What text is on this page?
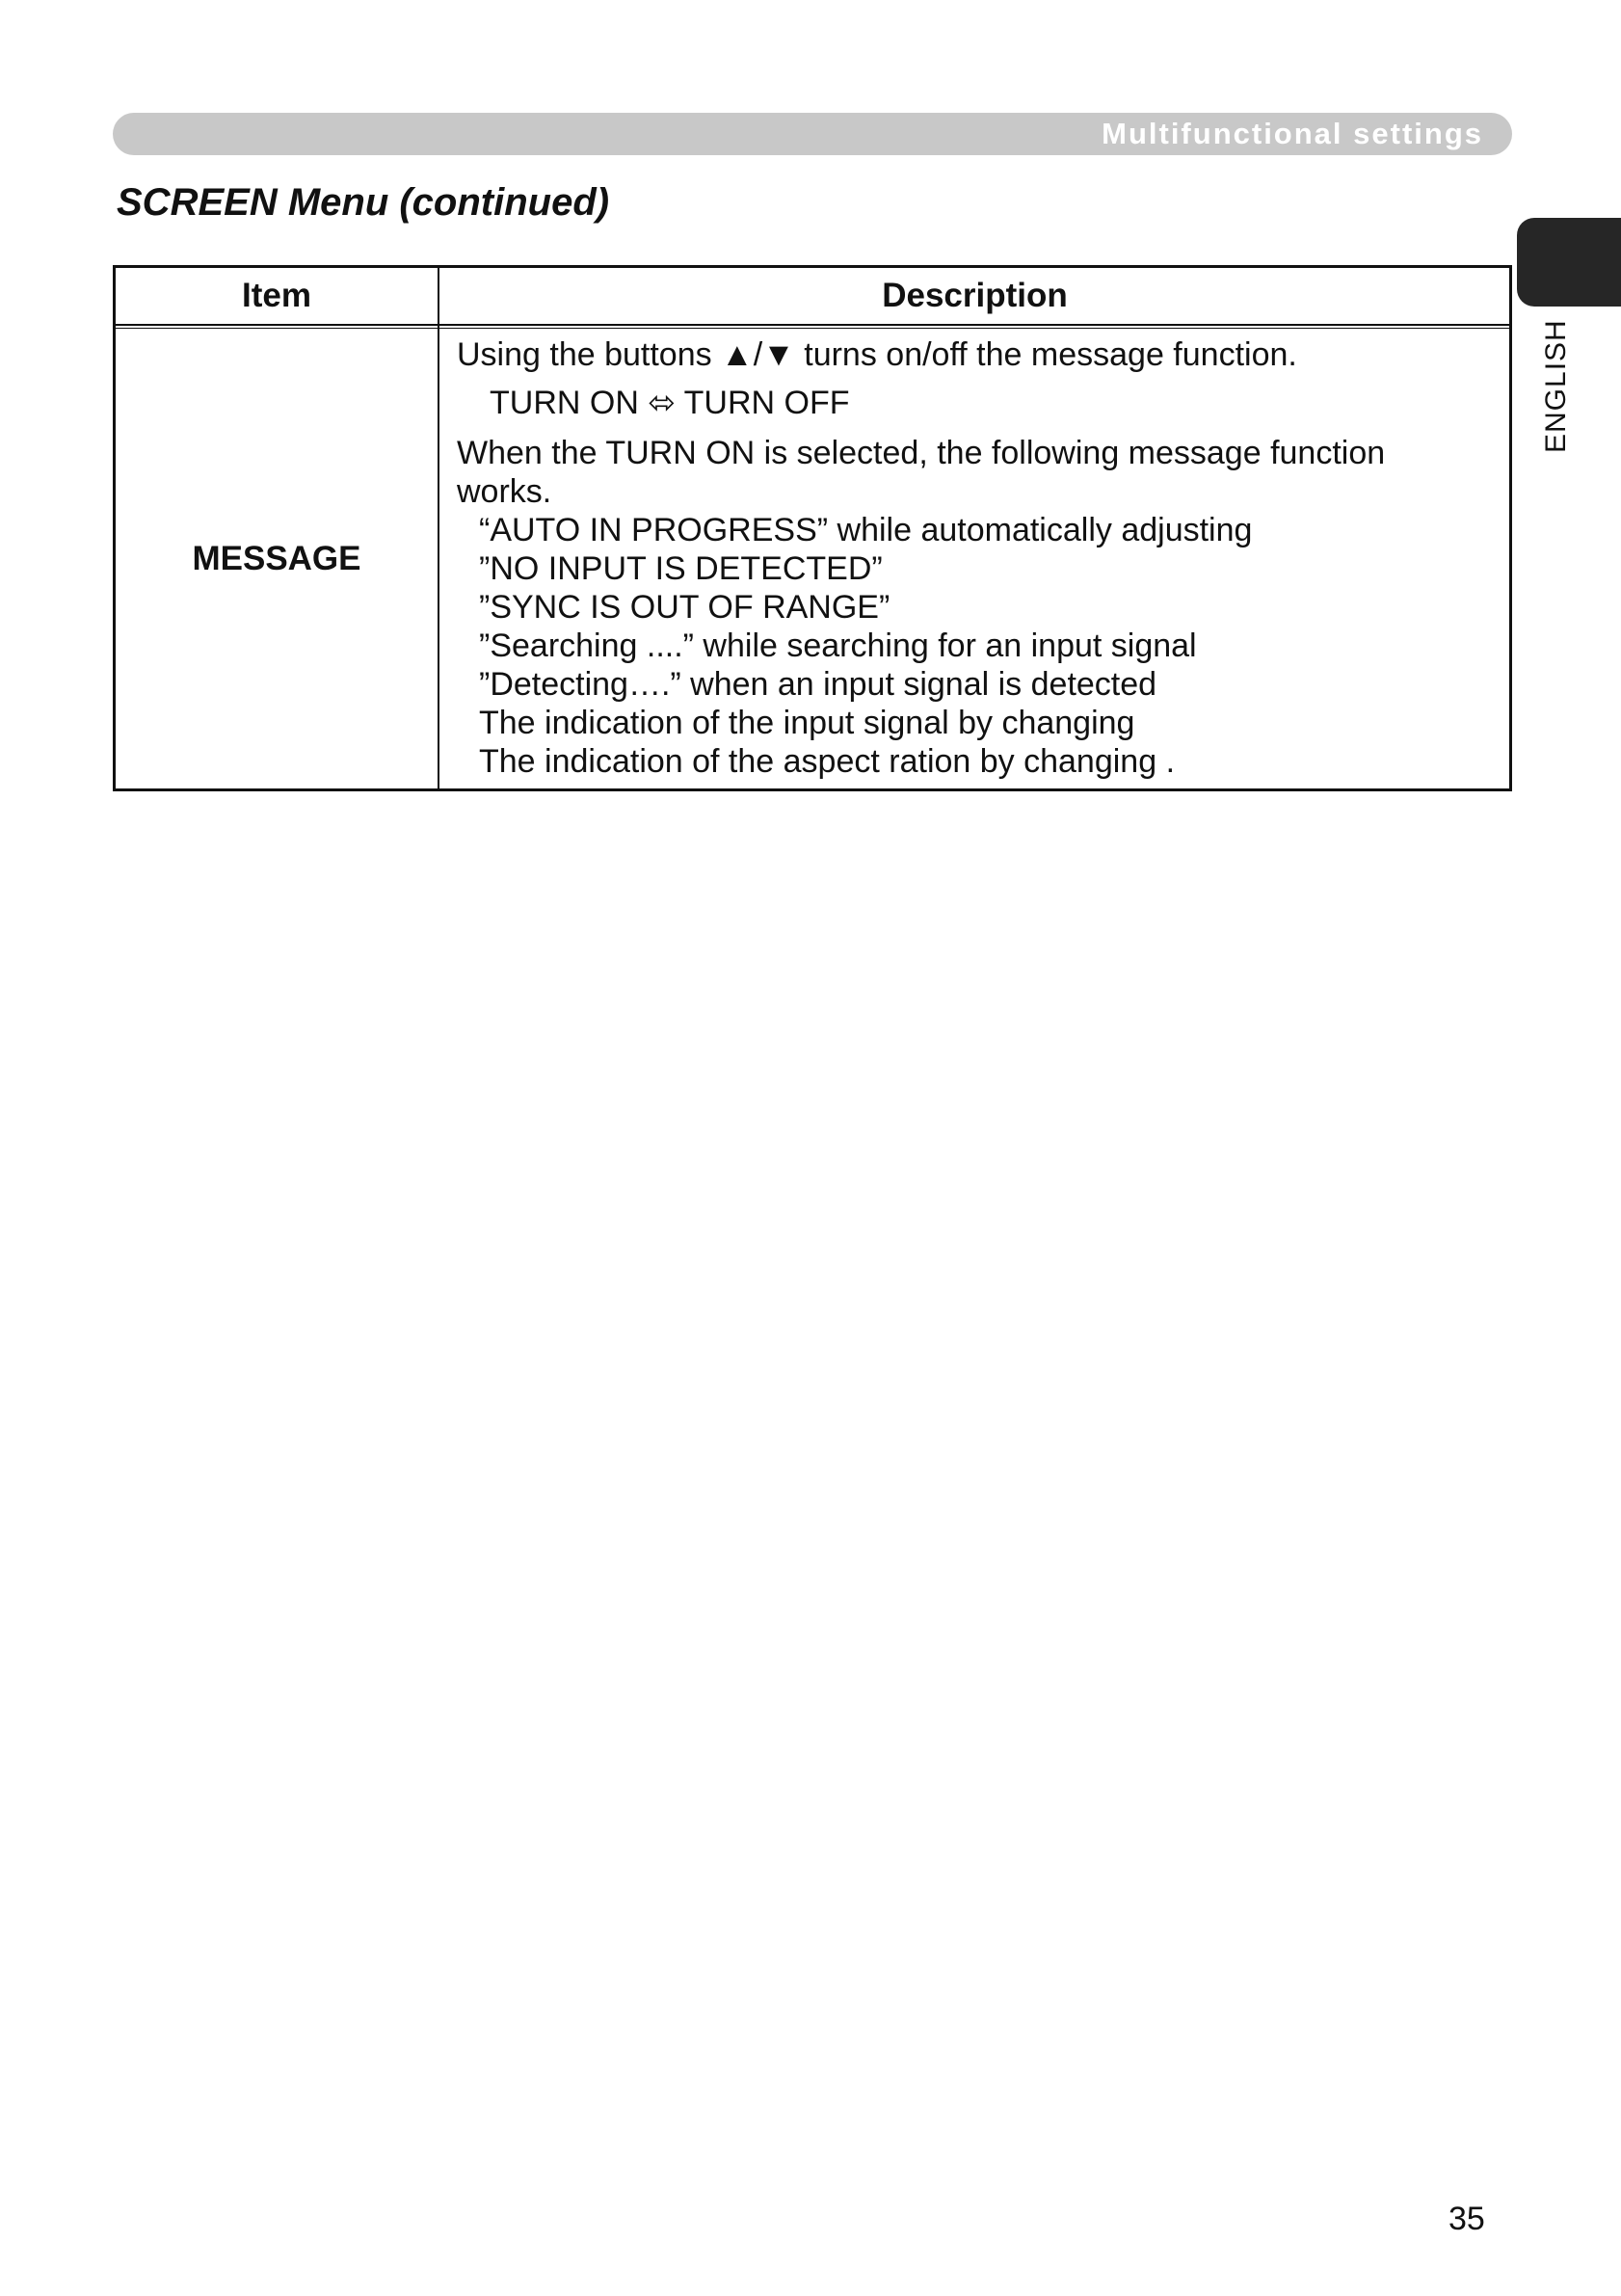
Multifunctional settings
SCREEN Menu (continued)
ENGLISH
Item	Description
MESSAGE
Using the buttons ▲/▼ turns on/off the message function.
TURN ON ⬄ TURN OFF
When the TURN ON is selected, the following message function
works.
“AUTO IN PROGRESS” while automatically adjusting
”NO INPUT IS DETECTED”
”SYNC IS OUT OF RANGE”
”Searching ....” while searching for an input signal
”Detecting….” when an input signal is detected
The indication of the input signal by changing
The indication of the aspect ration by changing .
35
